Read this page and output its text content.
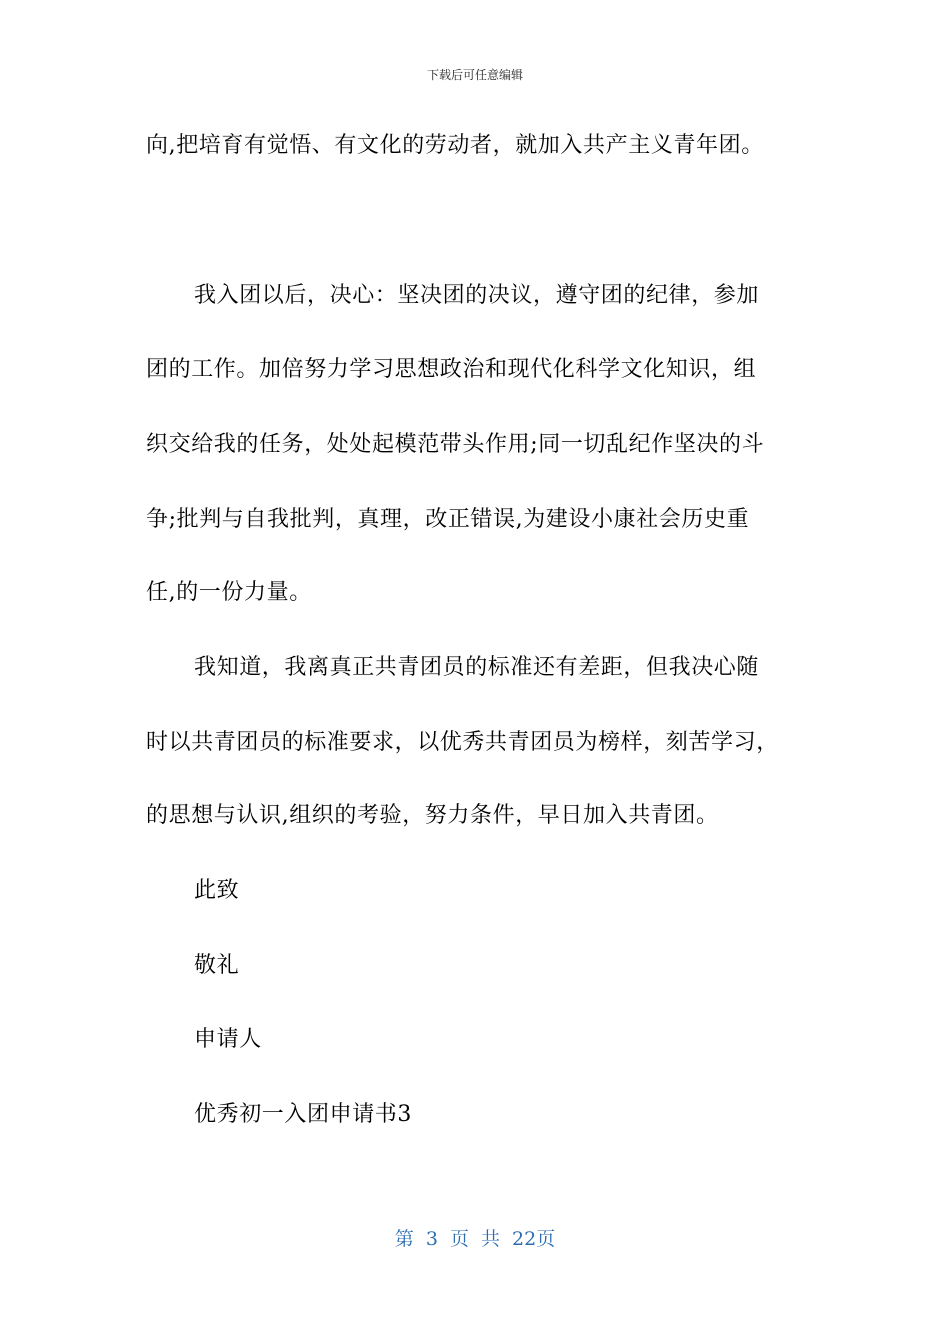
下载后可任意编辑
向,把培育有觉悟、有文化的劳动者，就加入共产主义青年团。
我入团以后，决心：坚决团的决议，遵守团的纪律，参加
团的工作。加倍努力学习思想政治和现代化科学文化知识，组
织交给我的任务，处处起模范带头作用;同一切乱纪作坚决的斗
争;批判与自我批判，真理，改正错误,为建设小康社会历史重
任,的一份力量。
我知道，我离真正共青团员的标准还有差距，但我决心随
时以共青团员的标准要求，以优秀共青团员为榜样，刻苦学习，
的思想与认识,组织的考验，努力条件，早日加入共青团。
此致
敬礼
申请人
优秀初一入团申请书3
第 3 页 共 22页
